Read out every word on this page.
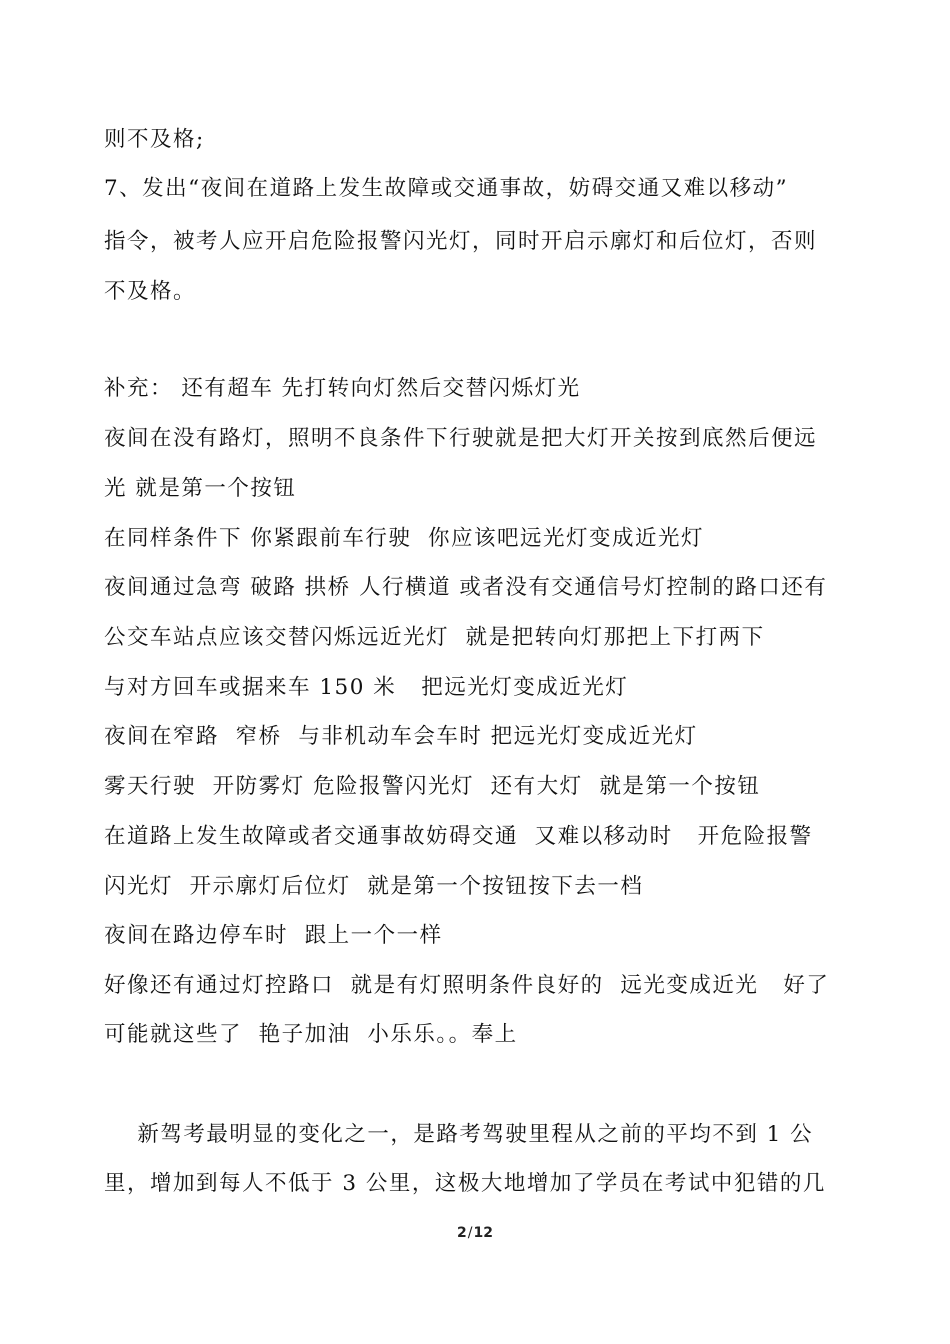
则不及格;
7、发出“夜间在道路上发生故障或交通事故，妨碍交通又难以移动”
指令，被考人应开启危险报警闪光灯，同时开启示廓灯和后位灯，否则
不及格。
补充： 还有超车 先打转向灯然后交替闪烁灯光
夜间在没有路灯，照明不良条件下行驶就是把大灯开关按到底然后便远
光 就是第一个按钮
在同样条件下 你紧跟前车行驶  你应该吧远光灯变成近光灯
夜间通过急弯 破路 拱桥 人行横道 或者没有交通信号灯控制的路口还有
公交车站点应该交替闪烁远近光灯  就是把转向灯那把上下打两下
与对方回车或据来车 150 米   把远光灯变成近光灯
夜间在窄路  窄桥  与非机动车会车时 把远光灯变成近光灯
雾天行驶  开防雾灯 危险报警闪光灯  还有大灯  就是第一个按钮
在道路上发生故障或者交通事故妨碍交通  又难以移动时   开危险报警
闪光灯  开示廓灯后位灯  就是第一个按钮按下去一档
夜间在路边停车时  跟上一个一样
好像还有通过灯控路口  就是有灯照明条件良好的  远光变成近光   好了
可能就这些了  艳子加油  小乐乐。。奉上
新驾考最明显的变化之一，是路考驾驶里程从之前的平均不到 1 公
里，增加到每人不低于 3 公里，这极大地增加了学员在考试中犯错的几
2/12
